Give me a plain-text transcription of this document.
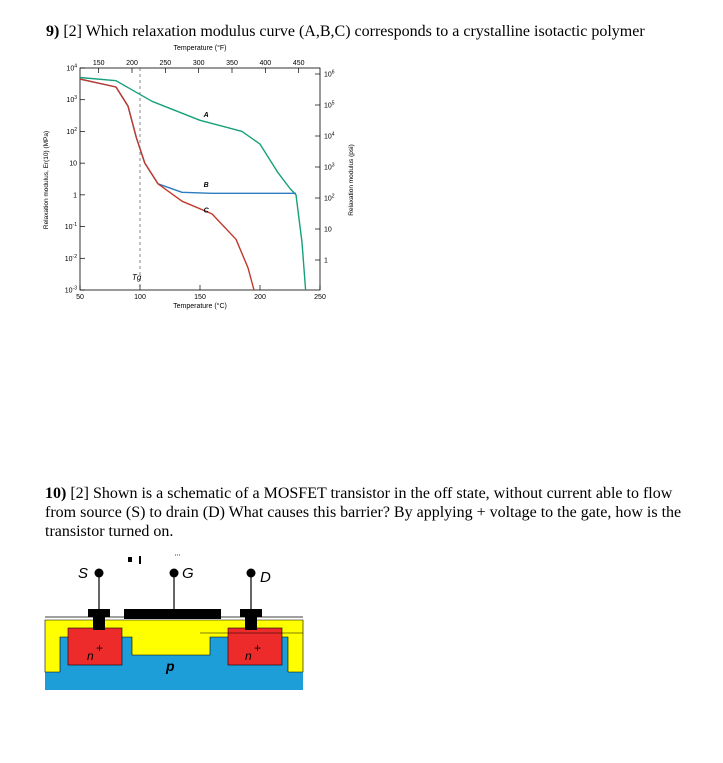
9) [2] Which relaxation modulus curve (A,B,C) corresponds to a crystalline isotactic polymer
Temperature (°F)
Temperature (°C)
Relaxation modulus, Er(10) (MPa)	Relaxation modulus (psi)
Tg
$10^4$
$10^3$
$10^2$
10
1
$10^{-1}$
$10^{-2}$
$10^{-3}$
$10^6$
$10^5$
$10^4$
$10^3$
$10^2$
10
1
50	100	150	200	250
150	200	250	300	350	400	450
A
B
C
10) [2] Shown is a schematic of a MOSFET transistor in the off state, without current able to flow from source (S) to drain (D) What causes this barrier? By applying + voltage to the gate, how is the transistor turned on.
S	G	D
n
+
n
+
p
